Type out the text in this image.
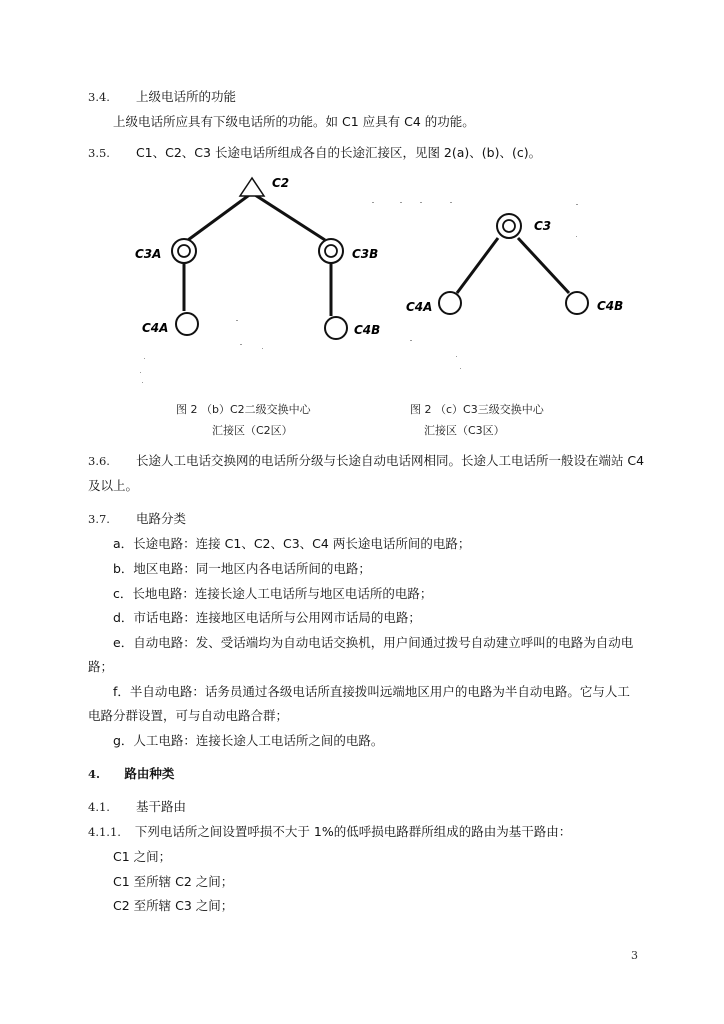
3.4. 上级电话所的功能
上级电话所应具有下级电话所的功能。如 C1 应具有 C4 的功能。
3.5. C1、C2、C3 长途电话所组成各自的长途汇接区，见图 2(a)、(b)、(c)。
C2
C3A	C3B
C4A	C4B
C3
C4A	C4B
图 2 （b）C2二级交换中心
汇接区（C2区）
图 2 （c）C3三级交换中心
汇接区（C3区）
3.6. 长途人工电话交换网的电话所分级与长途自动电话网相同。长途人工电话所一般设在端站 C4
及以上。
3.7. 电路分类
a．长途电路：连接 C1、C2、C3、C4 两长途电话所间的电路；
b．地区电路：同一地区内各电话所间的电路；
c．长地电路：连接长途人工电话所与地区电话所的电路；
d．市话电路：连接地区电话所与公用网市话局的电路；
e．自动电路：发、受话端均为自动电话交换机，用户间通过拨号自动建立呼叫的电路为自动电
路；
f．半自动电路：话务员通过各级电话所直接拨叫远端地区用户的电路为半自动电路。它与人工
电路分群设置，可与自动电路合群；
g．人工电路：连接长途人工电话所之间的电路。
4. 路由种类
4.1. 基干路由
4.1.1. 下列电话所之间设置呼损不大于 1%的低呼损电路群所组成的路由为基干路由：
C1 之间；
C1 至所辖 C2 之间；
C2 至所辖 C3 之间；
3
